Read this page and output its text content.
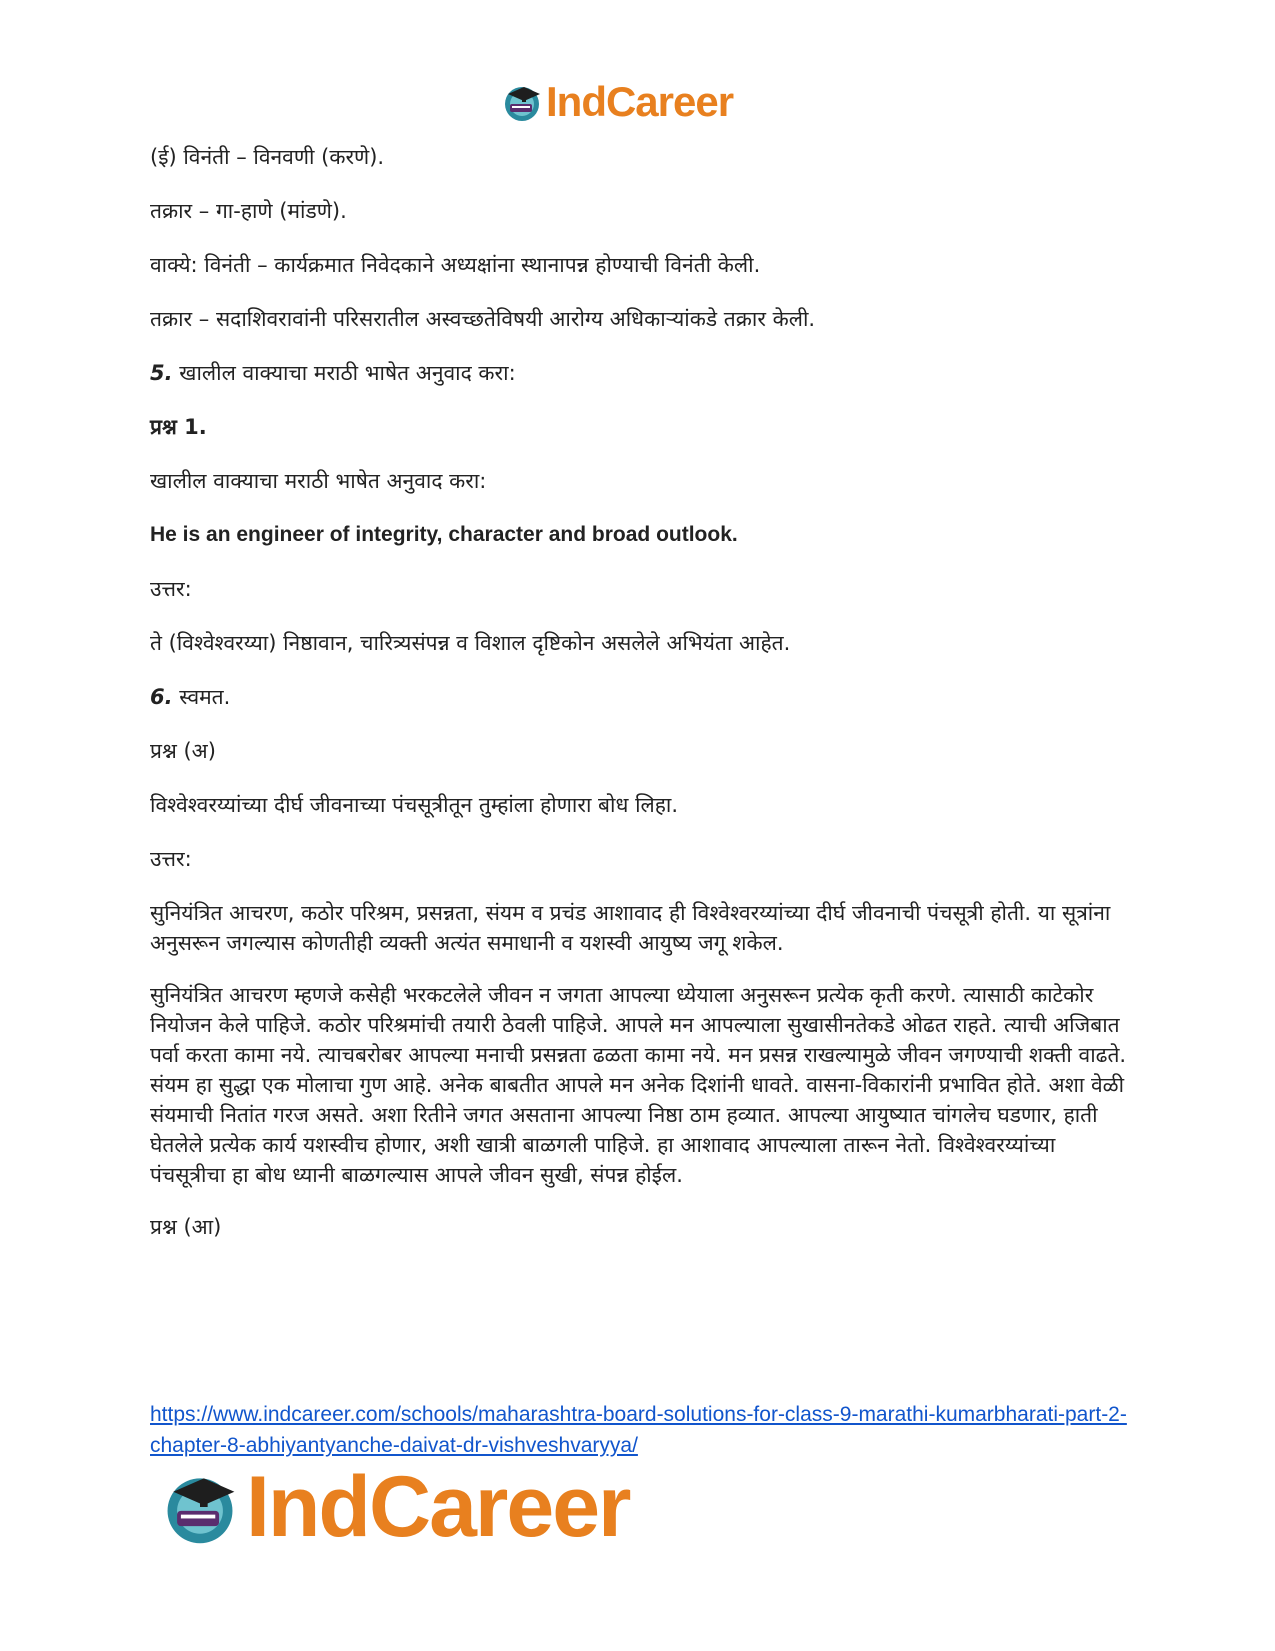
IndCareer

(ई) विनंती – विनवणी (करणे).

तक्रार – गा-हाणे (मांडणे).

वाक्ये: विनंती – कार्यक्रमात निवेदकाने अध्यक्षांना स्थानापन्न होण्याची विनंती केली.

तक्रार – सदाशिवरावांनी परिसरातील अस्वच्छतेविषयी आरोग्य अधिकाऱ्यांकडे तक्रार केली.

5. खालील वाक्याचा मराठी भाषेत अनुवाद करा:

प्रश्न 1.

खालील वाक्याचा मराठी भाषेत अनुवाद करा:

He is an engineer of integrity, character and broad outlook.

उत्तर:

ते (विश्वेश्वरय्या) निष्ठावान, चारित्र्यसंपन्न व विशाल दृष्टिकोन असलेले अभियंता आहेत.

6. स्वमत.

प्रश्न (अ)

विश्वेश्वरय्यांच्या दीर्घ जीवनाच्या पंचसूत्रीतून तुम्हांला होणारा बोध लिहा.

उत्तर:

सुनियंत्रित आचरण, कठोर परिश्रम, प्रसन्नता, संयम व प्रचंड आशावाद ही विश्वेश्वरय्यांच्या दीर्घ जीवनाची पंचसूत्री होती. या सूत्रांना अनुसरून जगल्यास कोणतीही व्यक्ती अत्यंत समाधानी व यशस्वी आयुष्य जगू शकेल.

सुनियंत्रित आचरण म्हणजे कसेही भरकटलेले जीवन न जगता आपल्या ध्येयाला अनुसरून प्रत्येक कृती करणे. त्यासाठी काटेकोर नियोजन केले पाहिजे. कठोर परिश्रमांची तयारी ठेवली पाहिजे. आपले मन आपल्याला सुखासीनतेकडे ओढत राहते. त्याची अजिबात पर्वा करता कामा नये. त्याचबरोबर आपल्या मनाची प्रसन्नता ढळता कामा नये. मन प्रसन्न राखल्यामुळे जीवन जगण्याची शक्ती वाढते. संयम हा सुद्धा एक मोलाचा गुण आहे. अनेक बाबतीत आपले मन अनेक दिशांनी धावते. वासना-विकारांनी प्रभावित होते. अशा वेळी संयमाची नितांत गरज असते. अशा रितीने जगत असताना आपल्या निष्ठा ठाम हव्यात. आपल्या आयुष्यात चांगलेच घडणार, हाती घेतलेले प्रत्येक कार्य यशस्वीच होणार, अशी खात्री बाळगली पाहिजे. हा आशावाद आपल्याला तारून नेतो. विश्वेश्वरय्यांच्या पंचसूत्रीचा हा बोध ध्यानी बाळगल्यास आपले जीवन सुखी, संपन्न होईल.

प्रश्न (आ)

https://www.indcareer.com/schools/maharashtra-board-solutions-for-class-9-marathi-kumarbharati-part-2-chapter-8-abhiyantyanche-daivat-dr-vishveshvaryya/
IndCareer
